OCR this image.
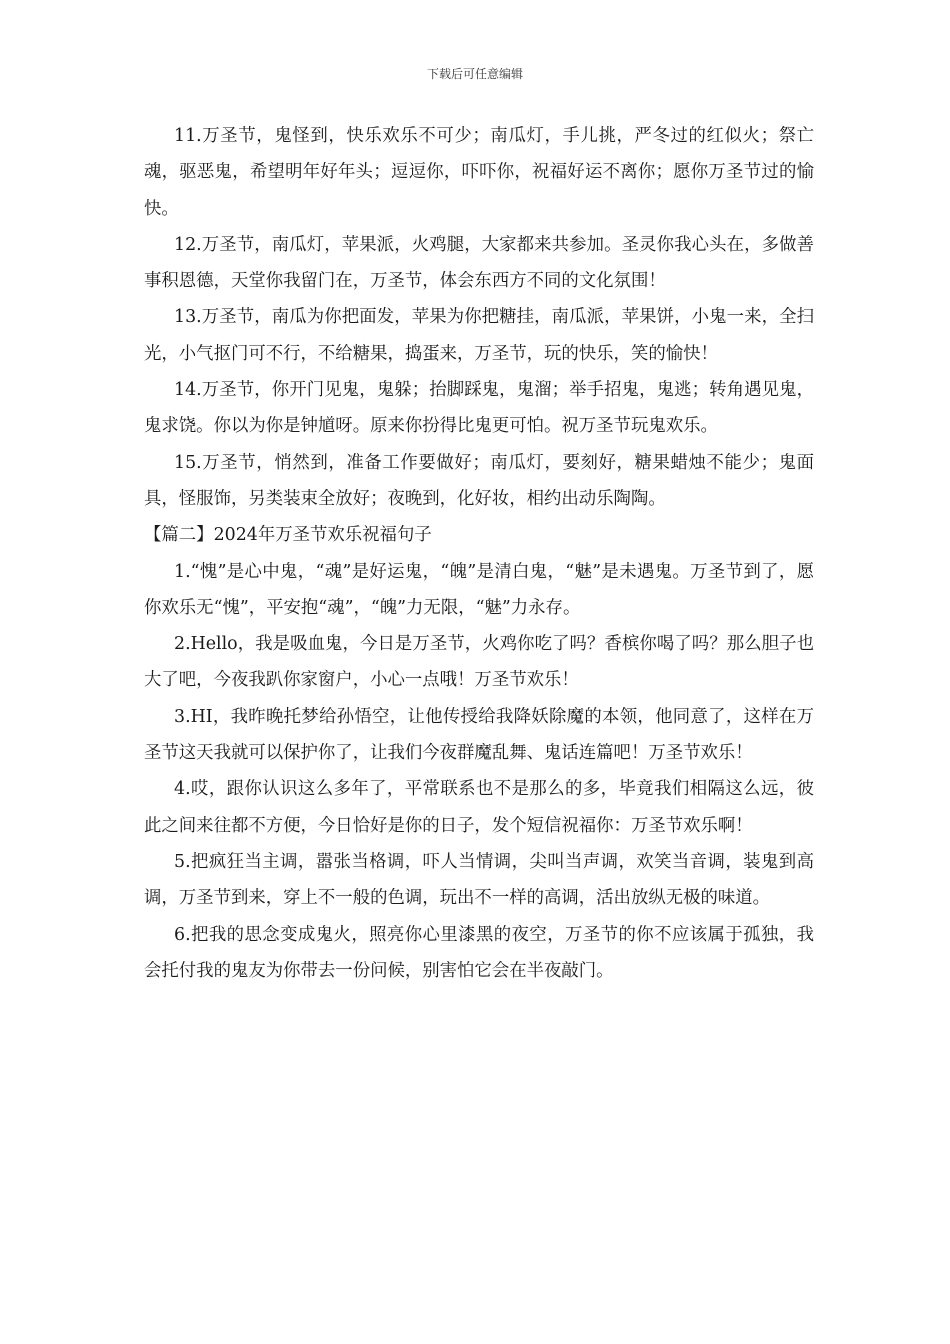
下载后可任意编辑

11.万圣节，鬼怪到，快乐欢乐不可少；南瓜灯，手儿挑，严冬过的红似火；祭亡魂，驱恶鬼，希望明年好年头；逗逗你，吓吓你，祝福好运不离你；愿你万圣节过的愉快。

12.万圣节，南瓜灯，苹果派，火鸡腿，大家都来共参加。圣灵你我心头在，多做善事积恩德，天堂你我留门在，万圣节，体会东西方不同的文化氛围！

13.万圣节，南瓜为你把面发，苹果为你把糖挂，南瓜派，苹果饼，小鬼一来，全扫光，小气抠门可不行，不给糖果，捣蛋来，万圣节，玩的快乐，笑的愉快！

14.万圣节，你开门见鬼，鬼躲；抬脚踩鬼，鬼溜；举手招鬼，鬼逃；转角遇见鬼，鬼求饶。你以为你是钟馗呀。原来你扮得比鬼更可怕。祝万圣节玩鬼欢乐。

15.万圣节，悄然到，准备工作要做好；南瓜灯，要刻好，糖果蜡烛不能少；鬼面具，怪服饰，另类装束全放好；夜晚到，化好妆，相约出动乐陶陶。

【篇二】2024年万圣节欢乐祝福句子

1.“愧”是心中鬼，“魂”是好运鬼，“魄”是清白鬼，“魅”是未遇鬼。万圣节到了，愿你欢乐无“愧”，平安抱“魂”，“魄”力无限，“魅”力永存。

2.Hello，我是吸血鬼，今日是万圣节，火鸡你吃了吗？香槟你喝了吗？那么胆子也大了吧，今夜我趴你家窗户，小心一点哦！万圣节欢乐！

3.HI，我昨晚托梦给孙悟空，让他传授给我降妖除魔的本领，他同意了，这样在万圣节这天我就可以保护你了，让我们今夜群魔乱舞、鬼话连篇吧！万圣节欢乐！

4.哎，跟你认识这么多年了，平常联系也不是那么的多，毕竟我们相隔这么远，彼此之间来往都不方便，今日恰好是你的日子，发个短信祝福你：万圣节欢乐啊！

5.把疯狂当主调，嚣张当格调，吓人当情调，尖叫当声调，欢笑当音调，装鬼到高调，万圣节到来，穿上不一般的色调，玩出不一样的高调，活出放纵无极的味道。

6.把我的思念变成鬼火，照亮你心里漆黑的夜空，万圣节的你不应该属于孤独，我会托付我的鬼友为你带去一份问候，别害怕它会在半夜敲门。
